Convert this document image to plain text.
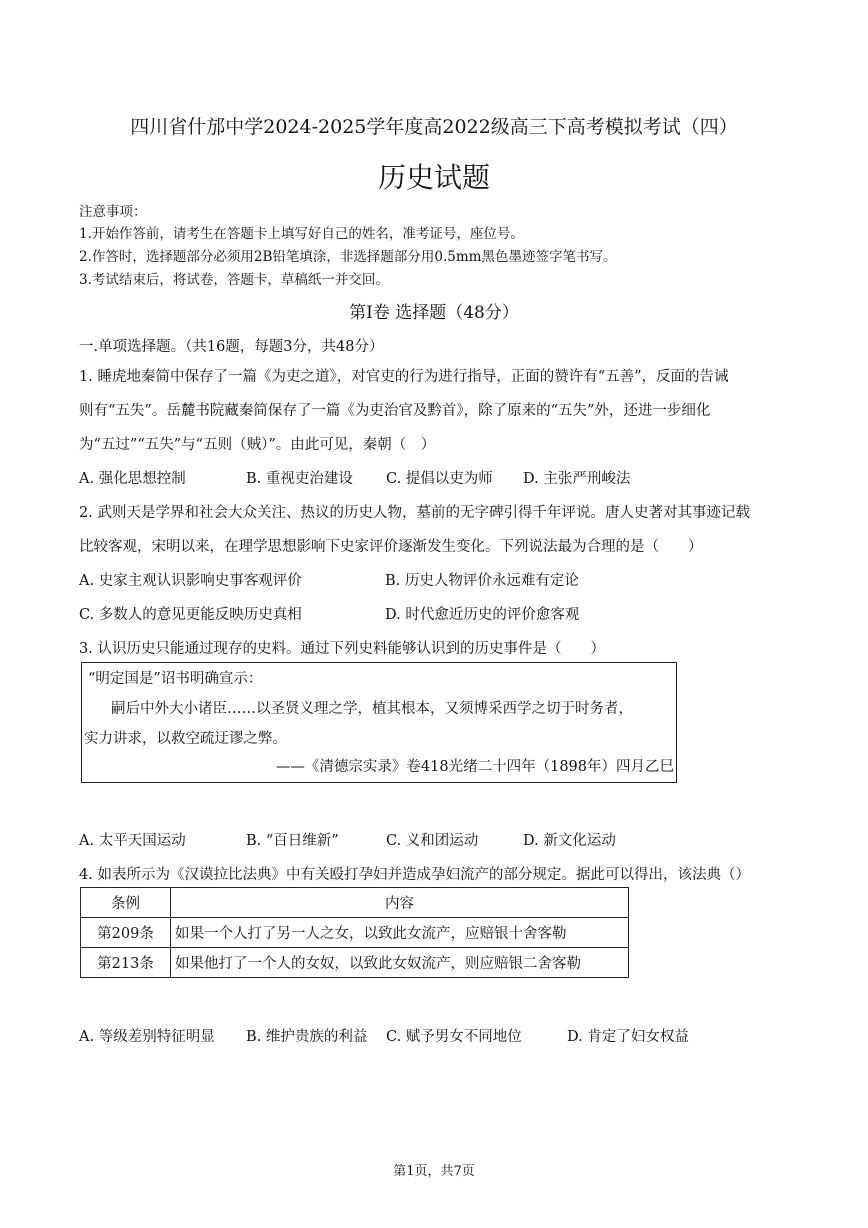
四川省什邡中学2024-2025学年度高2022级高三下高考模拟考试（四）
历史试题
注意事项：
1.开始作答前，请考生在答题卡上填写好自己的姓名，准考证号，座位号。
2.作答时，选择题部分必须用2B铅笔填涂，非选择题部分用0.5mm黑色墨迹签字笔书写。
3.考试结束后，将试卷，答题卡，草稿纸一并交回。
第Ⅰ卷 选择题（48分）
一.单项选择题。（共16题，每题3分，共48分）
1. 睡虎地秦简中保存了一篇《为吏之道》，对官吏的行为进行指导，正面的赞许有“五善”，反面的告诫
则有“五失”。岳麓书院藏秦简保存了一篇《为吏治官及黔首》，除了原来的“五失”外，还进一步细化
为“五过”“五失”与“五则（贼）”。由此可见，秦朝（　）
A. 强化思想控制	B. 重视吏治建设 C. 提倡以吏为师 D. 主张严刑峻法
2. 武则天是学界和社会大众关注、热议的历史人物，墓前的无字碑引得千年评说。唐人史著对其事迹记载
比较客观，宋明以来，在理学思想影响下史家评价逐渐发生变化。下列说法最为合理的是（　　）
A. 史家主观认识影响史事客观评价	B. 历史人物评价永远难有定论
C. 多数人的意见更能反映历史真相	D. 时代愈近历史的评价愈客观
3. 认识历史只能通过现存的史料。通过下列史料能够认识到的历史事件是（　　）
“明定国是”诏书明确宣示：
嗣后中外大小诸臣……以圣贤义理之学，植其根本，又须博采西学之切于时务者，
实力讲求，以救空疏迂谬之弊。
——《清德宗实录》卷418光绪二十四年（1898年）四月乙巳
A. 太平天国运动	B. “百日维新”	C. 义和团运动	D. 新文化运动
4. 如表所示为《汉谟拉比法典》中有关殴打孕妇并造成孕妇流产的部分规定。据此可以得出，该法典（）
条例	内容
第209条	如果一个人打了另一人之女，以致此女流产，应赔银十舍客勒
第213条	如果他打了一个人的女奴，以致此女奴流产，则应赔银二舍客勒
A. 等级差别特征明显 B. 维护贵族的利益 C. 赋予男女不同地位	D. 肯定了妇女权益
第1页，共7页
